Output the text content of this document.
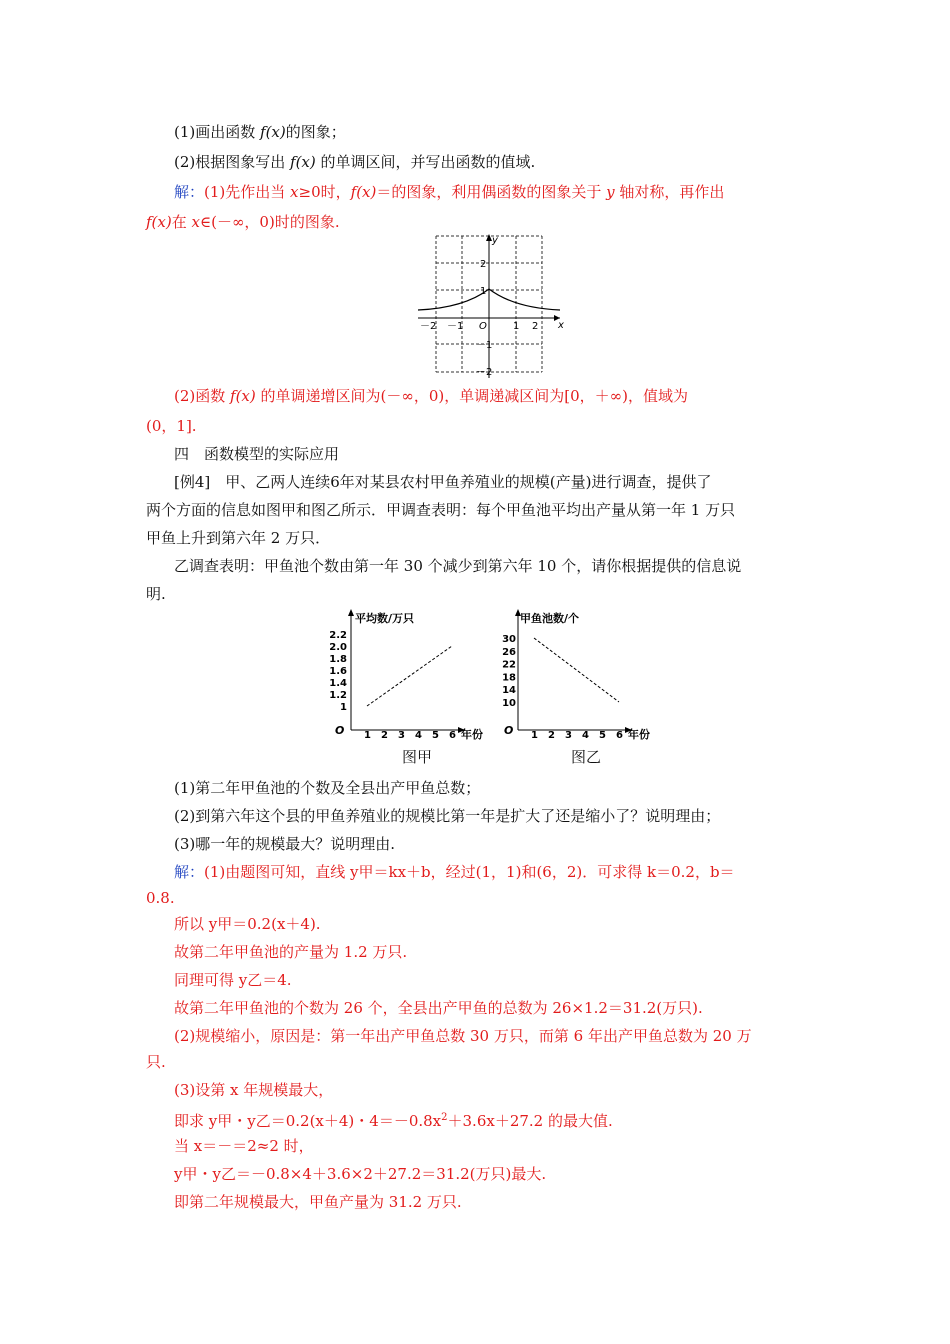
(1)画出函数 f(x)的图象；
(2)根据图象写出 f(x) 的单调区间，并写出函数的值域.
解：(1)先作出当 x≥0时，f(x)＝的图象，利用偶函数的图象关于 y 轴对称，再作出
f(x)在 x∈(－∞，0)时的图象.
y
x
O
－2 －1	1 2
2
1
－1
－2
(2)函数 f(x) 的单调递增区间为(－∞，0)，单调递减区间为[0，＋∞)，值域为
(0，1].
四　函数模型的实际应用
[例4]　甲、乙两人连续6年对某县农村甲鱼养殖业的规模(产量)进行调查，提供了
两个方面的信息如图甲和图乙所示．甲调查表明：每个甲鱼池平均出产量从第一年 1 万只
甲鱼上升到第六年 2 万只．
乙调查表明：甲鱼池个数由第一年 30 个减少到第六年 10 个，请你根据提供的信息说
明.
平均数/万只
O	年份
2.2
2.0
1.8
1.6
1.4
1.2
1
1 2 3 4 5 6
甲鱼池数/个
O	年份
30
26
22
18
14
10
1 2 3 4 5 6
图甲	图乙
(1)第二年甲鱼池的个数及全县出产甲鱼总数；
(2)到第六年这个县的甲鱼养殖业的规模比第一年是扩大了还是缩小了？说明理由；
(3)哪一年的规模最大？说明理由.
解：(1)由题图可知，直线 y甲＝kx＋b，经过(1，1)和(6，2)．可求得 k＝0.2，b＝
0.8.
所以 y甲＝0.2(x＋4).
故第二年甲鱼池的产量为 1.2 万只.
同理可得 y乙＝4.
故第二年甲鱼池的个数为 26 个，全县出产甲鱼的总数为 26×1.2＝31.2(万只).
(2)规模缩小，原因是：第一年出产甲鱼总数 30 万只，而第 6 年出产甲鱼总数为 20 万
只.
(3)设第 x 年规模最大，
即求 y甲・y乙＝0.2(x＋4)・$4=-0.8x^2+3.6x+27.2$ 的最大值.
当 x＝－＝2≈2 时，
y甲・y乙＝－0.8×4＋3.6×2＋27.2＝31.2(万只)最大.
即第二年规模最大，甲鱼产量为 31.2 万只.
